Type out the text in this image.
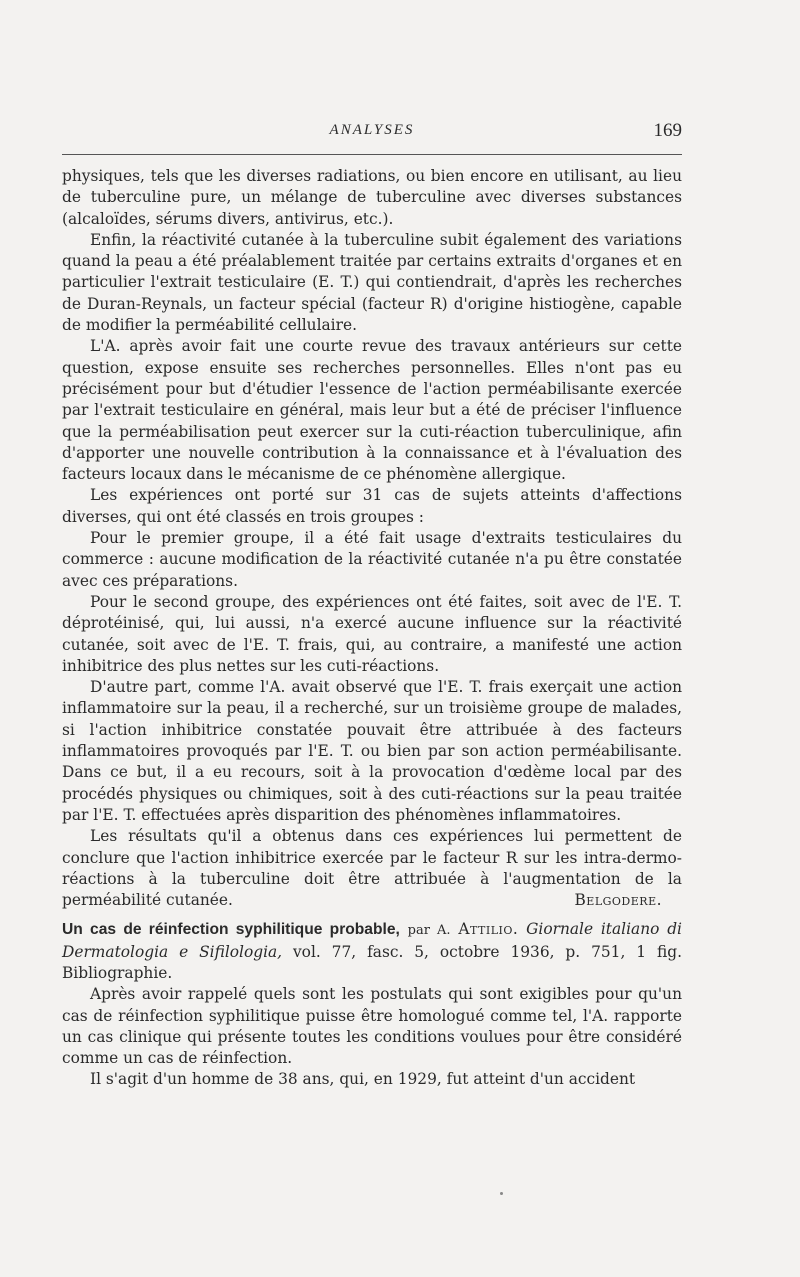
ANALYSES	169

physiques, tels que les diverses radiations, ou bien encore en utilisant, au lieu de tuberculine pure, un mélange de tuberculine avec diverses substances (alcaloïdes, sérums divers, antivirus, etc.).

Enfin, la réactivité cutanée à la tuberculine subit également des variations quand la peau a été préalablement traitée par certains extraits d'organes et en particulier l'extrait testiculaire (E. T.) qui contiendrait, d'après les recherches de Duran-Reynals, un facteur spécial (facteur R) d'origine histiogène, capable de modifier la perméabilité cellulaire.

L'A. après avoir fait une courte revue des travaux antérieurs sur cette question, expose ensuite ses recherches personnelles. Elles n'ont pas eu précisément pour but d'étudier l'essence de l'action perméabilisante exercée par l'extrait testiculaire en général, mais leur but a été de préciser l'influence que la perméabilisation peut exercer sur la cuti-réaction tuberculinique, afin d'apporter une nouvelle contribution à la connaissance et à l'évaluation des facteurs locaux dans le mécanisme de ce phénomène allergique.

Les expériences ont porté sur 31 cas de sujets atteints d'affections diverses, qui ont été classés en trois groupes :

Pour le premier groupe, il a été fait usage d'extraits testiculaires du commerce : aucune modification de la réactivité cutanée n'a pu être constatée avec ces préparations.

Pour le second groupe, des expériences ont été faites, soit avec de l'E. T. déprotéinisé, qui, lui aussi, n'a exercé aucune influence sur la réactivité cutanée, soit avec de l'E. T. frais, qui, au contraire, a manifesté une action inhibitrice des plus nettes sur les cuti-réactions.

D'autre part, comme l'A. avait observé que l'E. T. frais exerçait une action inflammatoire sur la peau, il a recherché, sur un troisième groupe de malades, si l'action inhibitrice constatée pouvait être attribuée à des facteurs inflammatoires provoqués par l'E. T. ou bien par son action perméabilisante. Dans ce but, il a eu recours, soit à la provocation d'œdème local par des procédés physiques ou chimiques, soit à des cuti-réactions sur la peau traitée par l'E. T. effectuées après disparition des phénomènes inflammatoires.

Les résultats qu'il a obtenus dans ces expériences lui permettent de conclure que l'action inhibitrice exercée par le facteur R sur les intra-dermo-réactions à la tuberculine doit être attribuée à l'augmentation de la perméabilité cutanée.	Belgodere.

Un cas de réinfection syphilitique probable, par A. Attilio. Giornale italiano di Dermatologia e Sifilologia, vol. 77, fasc. 5, octobre 1936, p. 751, 1 fig. Bibliographie.

Après avoir rappelé quels sont les postulats qui sont exigibles pour qu'un cas de réinfection syphilitique puisse être homologué comme tel, l'A. rapporte un cas clinique qui présente toutes les conditions voulues pour être considéré comme un cas de réinfection.

Il s'agit d'un homme de 38 ans, qui, en 1929, fut atteint d'un accident
